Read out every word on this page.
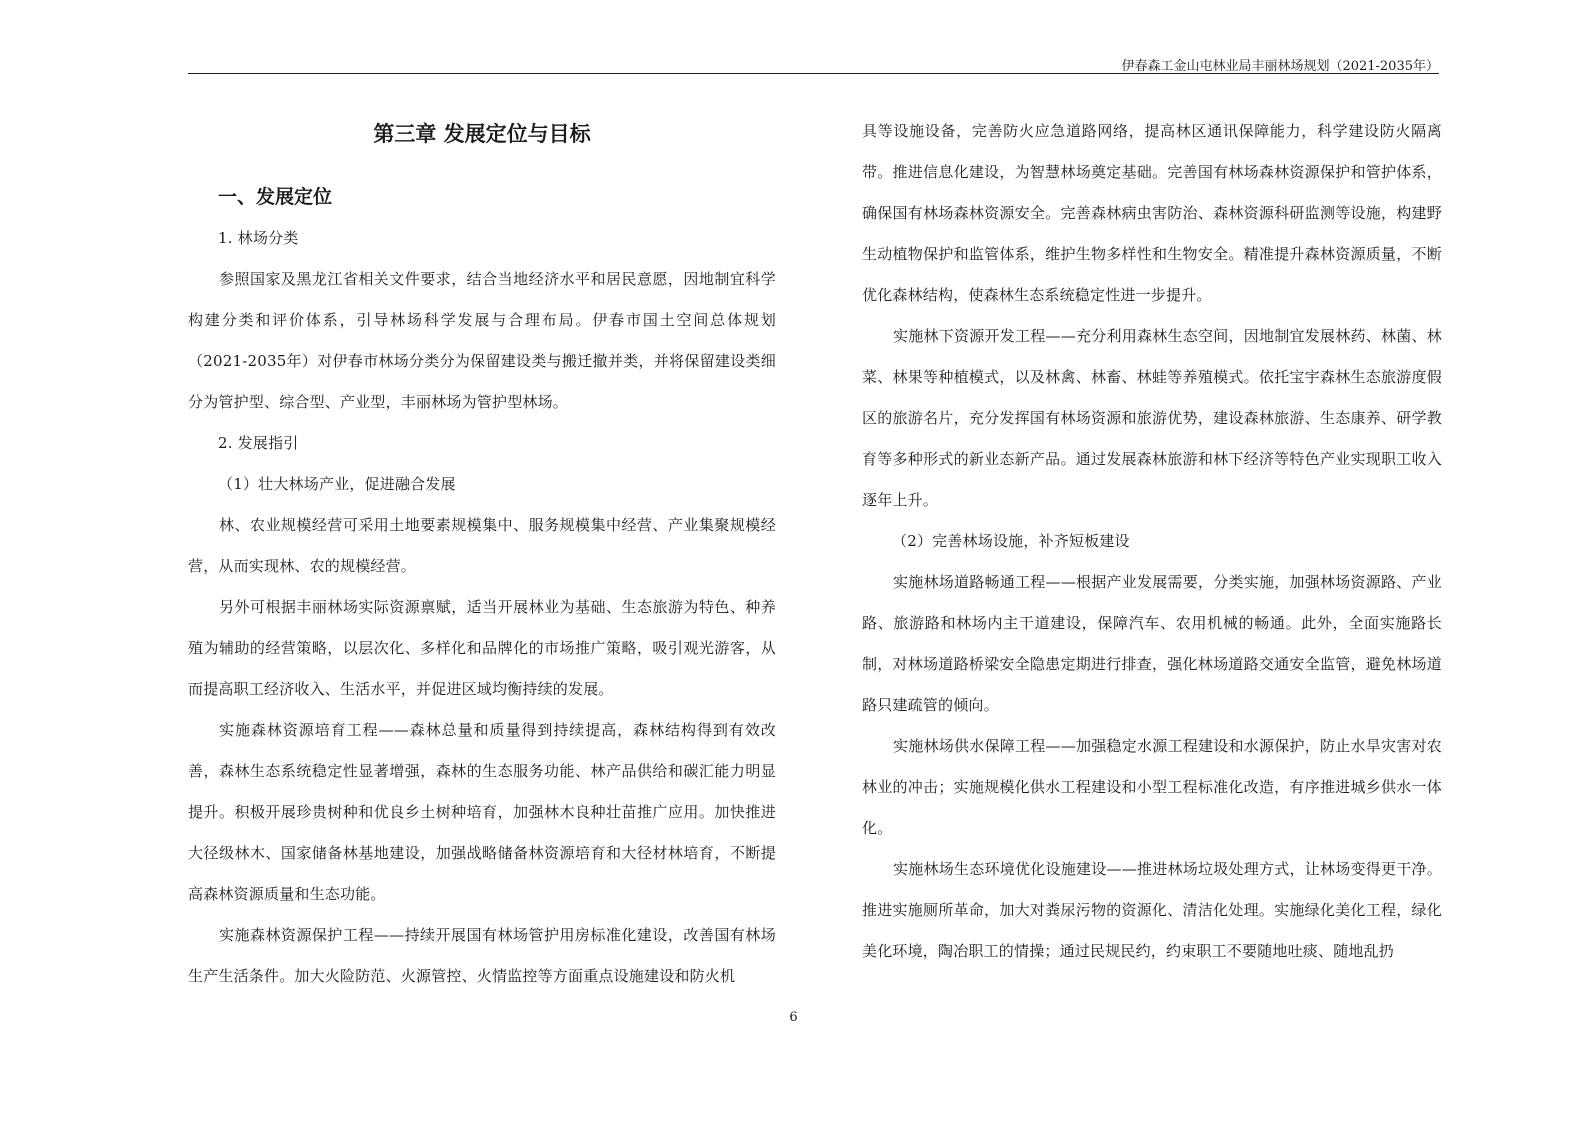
伊春森工金山屯林业局丰丽林场规划（2021-2035年）
第三章 发展定位与目标
一、发展定位
1. 林场分类
参照国家及黑龙江省相关文件要求，结合当地经济水平和居民意愿，因地制宜科学构建分类和评价体系，引导林场科学发展与合理布局。伊春市国土空间总体规划（2021-2035年）对伊春市林场分类分为保留建设类与搬迁撤并类，并将保留建设类细分为管护型、综合型、产业型，丰丽林场为管护型林场。
2. 发展指引
（1）壮大林场产业，促进融合发展
林、农业规模经营可采用土地要素规模集中、服务规模集中经营、产业集聚规模经营，从而实现林、农的规模经营。
另外可根据丰丽林场实际资源禀赋，适当开展林业为基础、生态旅游为特色、种养殖为辅助的经营策略，以层次化、多样化和品牌化的市场推广策略，吸引观光游客，从而提高职工经济收入、生活水平，并促进区域均衡持续的发展。
实施森林资源培育工程——森林总量和质量得到持续提高，森林结构得到有效改善，森林生态系统稳定性显著增强，森林的生态服务功能、林产品供给和碳汇能力明显提升。积极开展珍贵树种和优良乡土树种培育，加强林木良种壮苗推广应用。加快推进大径级林木、国家储备林基地建设，加强战略储备林资源培育和大径材林培育，不断提高森林资源质量和生态功能。
实施森林资源保护工程——持续开展国有林场管护用房标准化建设，改善国有林场生产生活条件。加大火险防范、火源管控、火情监控等方面重点设施建设和防火机
具等设施设备，完善防火应急道路网络，提高林区通讯保障能力，科学建设防火隔离带。推进信息化建设，为智慧林场奠定基础。完善国有林场森林资源保护和管护体系，确保国有林场森林资源安全。完善森林病虫害防治、森林资源科研监测等设施，构建野生动植物保护和监管体系，维护生物多样性和生物安全。精准提升森林资源质量，不断优化森林结构，使森林生态系统稳定性进一步提升。
实施林下资源开发工程——充分利用森林生态空间，因地制宜发展林药、林菌、林菜、林果等种植模式，以及林禽、林畜、林蛙等养殖模式。依托宝宇森林生态旅游度假区的旅游名片，充分发挥国有林场资源和旅游优势，建设森林旅游、生态康养、研学教育等多种形式的新业态新产品。通过发展森林旅游和林下经济等特色产业实现职工收入逐年上升。
（2）完善林场设施，补齐短板建设
实施林场道路畅通工程——根据产业发展需要，分类实施，加强林场资源路、产业路、旅游路和林场内主干道建设，保障汽车、农用机械的畅通。此外，全面实施路长制，对林场道路桥梁安全隐患定期进行排查，强化林场道路交通安全监管，避免林场道路只建疏管的倾向。
实施林场供水保障工程——加强稳定水源工程建设和水源保护，防止水旱灾害对农林业的冲击；实施规模化供水工程建设和小型工程标准化改造，有序推进城乡供水一体化。
实施林场生态环境优化设施建设——推进林场垃圾处理方式，让林场变得更干净。推进实施厕所革命，加大对粪尿污物的资源化、清洁化处理。实施绿化美化工程，绿化美化环境，陶冶职工的情操；通过民规民约，约束职工不要随地吐痰、随地乱扔
6
